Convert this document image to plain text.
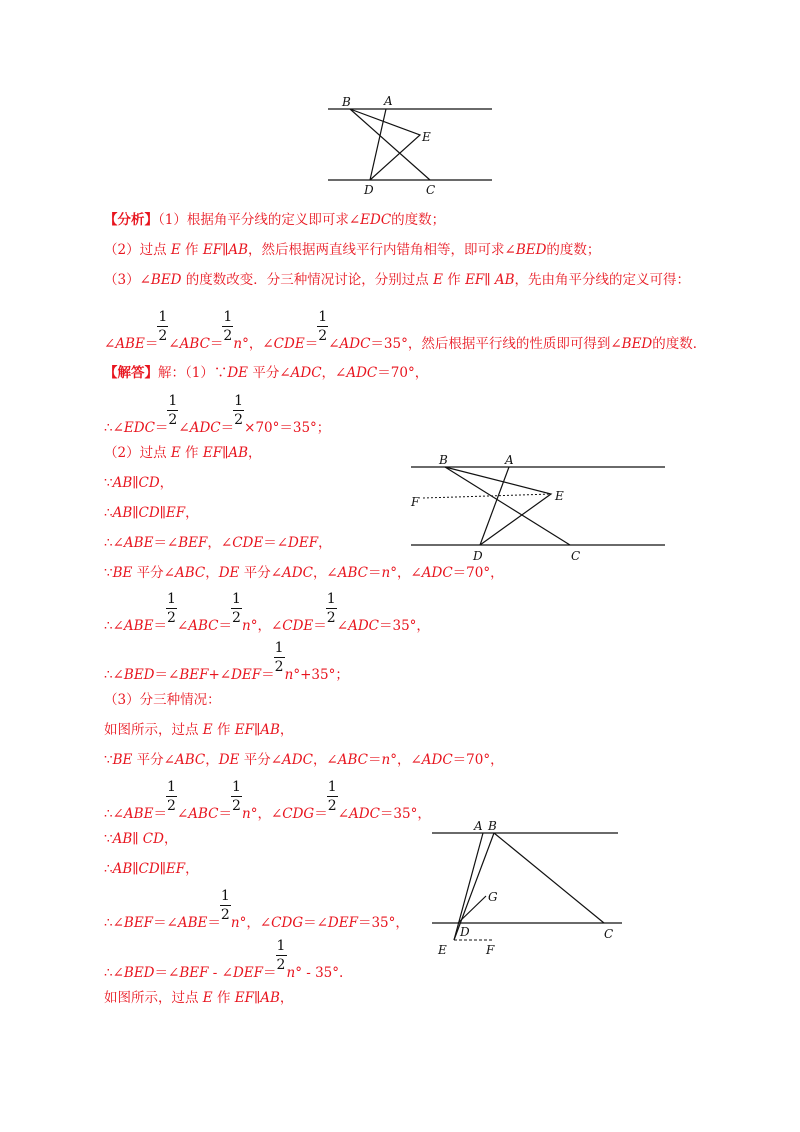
B	A
E
D	C
B	A
F	E
D	C
A B
G
D	C
E	F
【分析】（1）根据角平分线的定义即可求∠EDC的度数；
（2）过点 E 作 EF∥AB，然后根据两直线平行内错角相等，即可求∠BED的度数；
（3）∠BED 的度数改变．分三种情况讨论，分别过点 E 作 EF∥ AB，先由角平分线的定义可得：
∠ABE＝ $\frac{1}{2}$ ∠ABC＝ $\frac{1}{2} n^\circ$，∠CDE＝ $\frac{1}{2}$ ∠ADC＝35°，然后根据平行线的性质即可得到∠BED的度数．
【解答】解：（1）∵DE 平分∠ADC，∠ADC＝70°，
∴∠EDC＝ $\frac{1}{2}$ ∠ADC＝ $\frac{1}{2} \times 70^\circ=35^\circ$；
（2）过点 E 作 EF∥AB，
∵AB∥CD，
∴AB∥CD∥EF，
∴∠ABE＝∠BEF，∠CDE＝∠DEF，
∵BE 平分∠ABC，DE 平分∠ADC，∠ABC＝n°，∠ADC＝70°，
∴∠ABE＝ $\frac{1}{2}$ ∠ABC＝ $\frac{1}{2} n^\circ$，∠CDE＝ $\frac{1}{2}$ ∠ADC＝35°，
∴∠BED＝∠BEF+∠DEF＝ $\frac{1}{2} n^\circ+35^\circ$；
（3）分三种情况：
如图所示，过点 E 作 EF∥AB，
∵BE 平分∠ABC，DE 平分∠ADC，∠ABC＝n°，∠ADC＝70°，
∴∠ABE＝ $\frac{1}{2}$ ∠ABC＝ $\frac{1}{2} n^\circ$，∠CDG＝ $\frac{1}{2}$ ∠ADC＝35°，
∵AB∥ CD，
∴AB∥CD∥EF，
∴∠BEF＝∠ABE＝ $\frac{1}{2} n^\circ$，∠CDG＝∠DEF＝35°，
∴∠BED＝∠BEF - ∠DEF＝ $\frac{1}{2} n^\circ - 35^\circ$.
如图所示，过点 E 作 EF∥AB，
